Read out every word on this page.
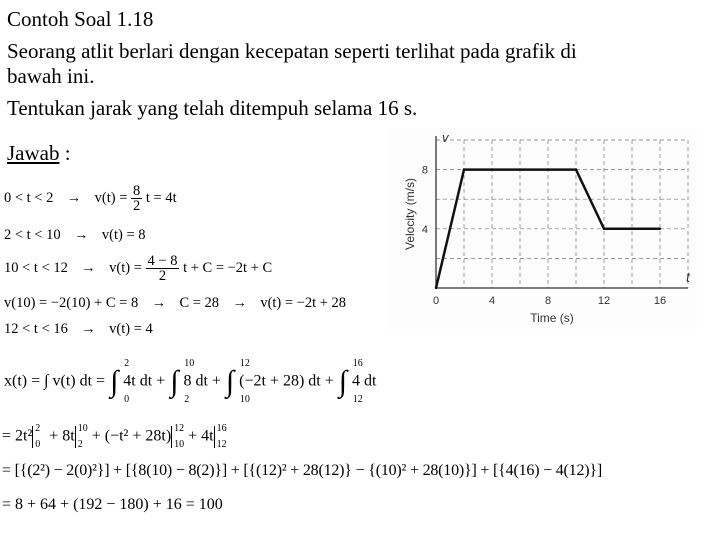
Contoh Soal 1.18
Seorang atlit berlari dengan kecepatan seperti terlihat pada grafik di
bawah ini.
Tentukan jarak yang telah ditempuh selama 16 s.
Jawab :
$0 < t < 2 \to v(t) = \frac{8}{2}$ t = 4t
2 < t < 10 → v(t) = 8
$10 < t < 12 \to v(t) = \frac{4 - 8}{2}$ t + C = −2t + C
v(10) = −2(10) + C = 8 → C = 28 → v(t) = −2t + 28
12 < t < 16 → v(t) = 4
x(t) = ∫ v(t) dt = ∫
2
0
4t dt + ∫
10
2
8 dt + ∫
12
10
(−2t + 28) dt + ∫
16
12
4 dt
= 2t² 2
0 + 8t 10
2 + (−t² + 28t) 12
10 + 4t 16
12
= [{(2²) − 2(0)²}] + [{8(10) − 8(2)}] + [{(12)² + 28(12)} − {(10)² + 28(10)}] + [{4(16) − 4(12)}]
= 8 + 64 + (192 − 180) + 16 = 100
0	4	8	12	16
4
8
Velocity (m/s)
Time (s)
v
t
